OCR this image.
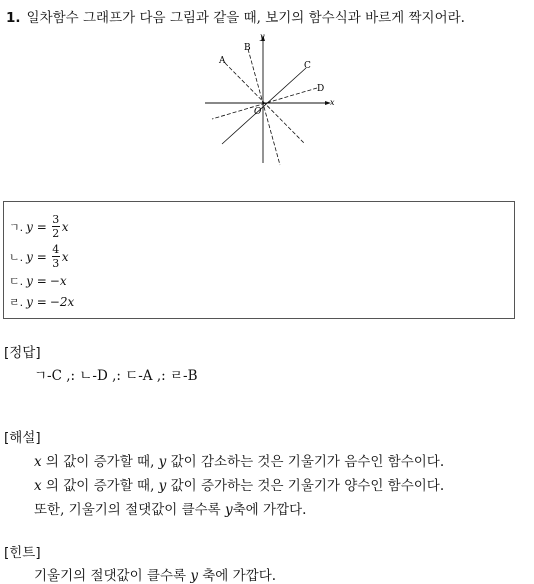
1. 일차함수 그래프가 다음 그림과 같을 때, 보기의 함수식과 바르게 짝지어라.
A
B
C
D
x
y
O
ㄱ. $y = \frac{3}{2}$ x
ㄴ. $y = \frac{4}{3}$ x
ㄷ. y = −x
ㄹ. y = −2x
[정답]
ㄱ-C ,: ㄴ-D ,: ㄷ-A ,: ㄹ-B
[해설]
x 의 값이 증가할 때, y 값이 감소하는 것은 기울기가 음수인 함수이다.
x 의 값이 증가할 때, y 값이 증가하는 것은 기울기가 양수인 함수이다.
또한, 기울기의 절댓값이 클수록 y축에 가깝다.
[힌트]
기울기의 절댓값이 클수록 y 축에 가깝다.
